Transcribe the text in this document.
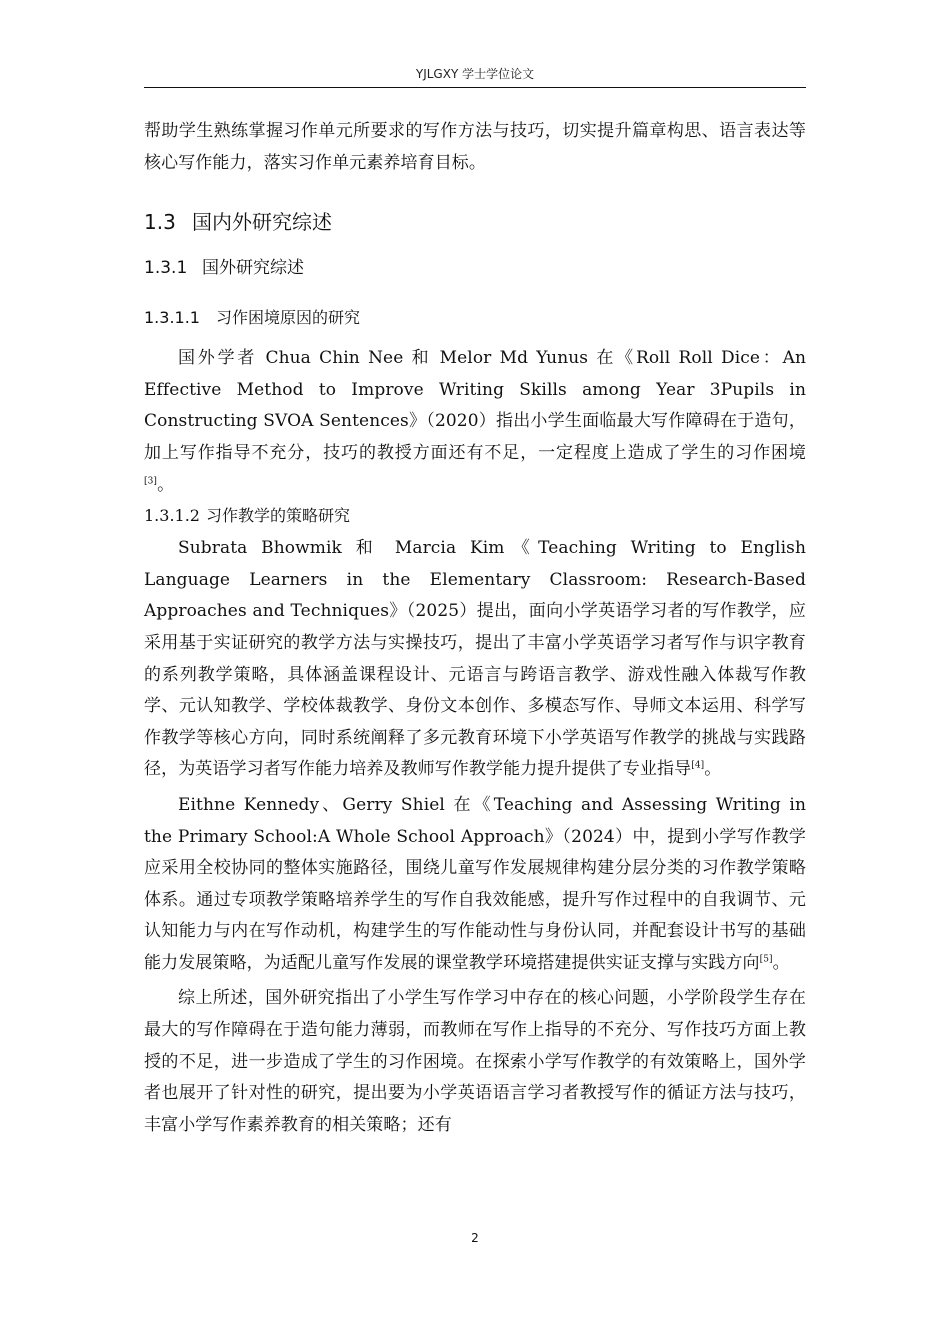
YJLGXY 学士学位论文

帮助学生熟练掌握习作单元所要求的写作方法与技巧，切实提升篇章构思、语言表达等核心写作能力，落实习作单元素养培育目标。

1.3 国内外研究综述
1.3.1 国外研究综述
1.3.1.1 习作困境原因的研究

国外学者 Chua Chin Nee 和 Melor Md Yunus 在《Roll Roll Dice：An Effective Method to Improve Writing Skills among Year 3Pupils in Constructing SVOA Sentences》（2020）指出小学生面临最大写作障碍在于造句，加上写作指导不充分，技巧的教授方面还有不足，一定程度上造成了学生的习作困境[3]。

1.3.1.2 习作教学的策略研究

Subrata Bhowmik 和 Marcia Kim《Teaching Writing to English Language Learners in the Elementary Classroom: Research-Based Approaches and Techniques》（2025）提出，面向小学英语学习者的写作教学，应采用基于实证研究的教学方法与实操技巧，提出了丰富小学英语学习者写作与识字教育的系列教学策略，具体涵盖课程设计、元语言与跨语言教学、游戏性融入体裁写作教学、元认知教学、学校体裁教学、身份文本创作、多模态写作、导师文本运用、科学写作教学等核心方向，同时系统阐释了多元教育环境下小学英语写作教学的挑战与实践路径，为英语学习者写作能力培养及教师写作教学能力提升提供了专业指导[4]。

Eithne Kennedy、Gerry Shiel 在《Teaching and Assessing Writing in the Primary School:A Whole School Approach》（2024）中，提到小学写作教学应采用全校协同的整体实施路径，围绕儿童写作发展规律构建分层分类的习作教学策略体系。通过专项教学策略培养学生的写作自我效能感，提升写作过程中的自我调节、元认知能力与内在写作动机，构建学生的写作能动性与身份认同，并配套设计书写的基础能力发展策略，为适配儿童写作发展的课堂教学环境搭建提供实证支撑与实践方向[5]。

综上所述，国外研究指出了小学生写作学习中存在的核心问题，小学阶段学生存在最大的写作障碍在于造句能力薄弱，而教师在写作上指导的不充分、写作技巧方面上教授的不足，进一步造成了学生的习作困境。在探索小学写作教学的有效策略上，国外学者也展开了针对性的研究，提出要为小学英语语言学习者教授写作的循证方法与技巧，丰富小学写作素养教育的相关策略；还有

2
